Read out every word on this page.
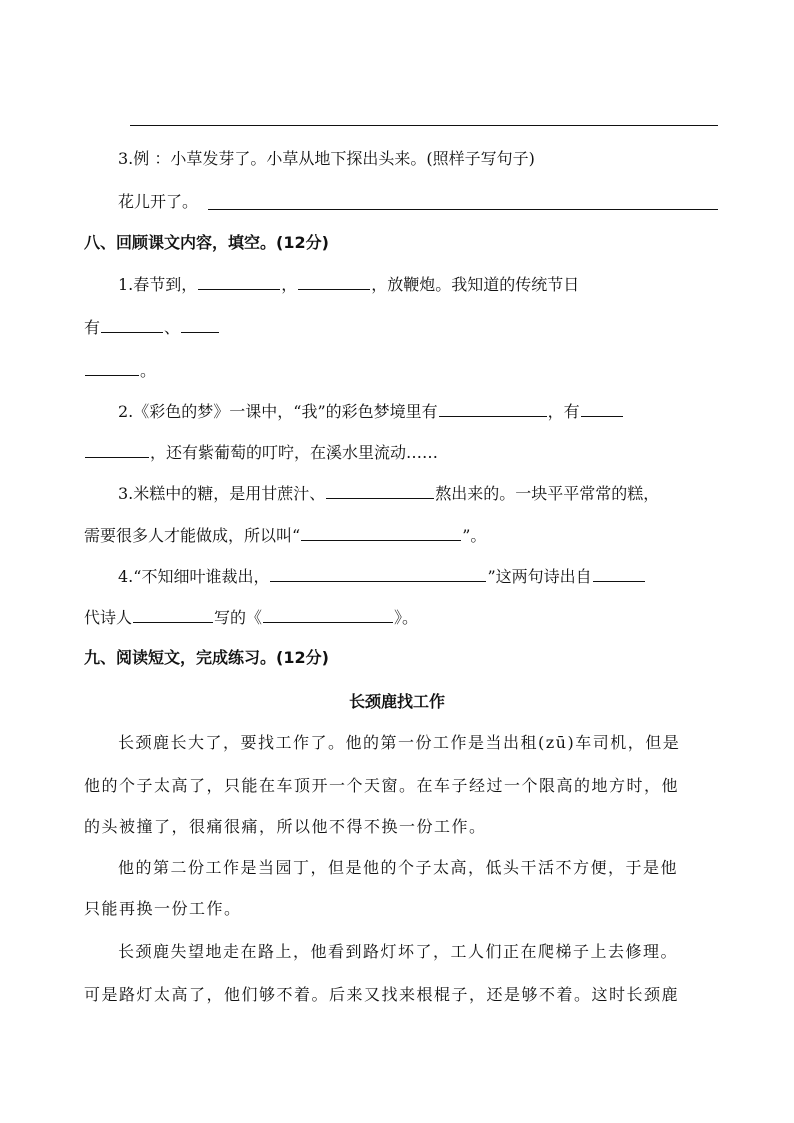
3.例 ：小草发芽了。小草从地下探出头来。(照样子写句子)
花儿开了。
八、回顾课文内容，填空。(12分)
1.春节到，	，	，放鞭炮。我知道的传统节日
有	、
。
2.《彩色的梦》一课中，“我”的彩色梦境里有	，有
，还有紫葡萄的叮咛，在溪水里流动……
3.米糕中的糖，是用甘蔗汁、	熬出来的。一块平平常常的糕，
需要很多人才能做成，所以叫“	”。
4.“不知细叶谁裁出，	”这两句诗出自
代诗人	写的《	》。
九、阅读短文，完成练习。(12分)
长颈鹿找工作
长颈鹿长大了，要找工作了。他的第一份工作是当出租(zū)车司机，但是
他的个子太高了，只能在车顶开一个天窗。在车子经过一个限高的地方时，他
的头被撞了，很痛很痛，所以他不得不换一份工作。
他的第二份工作是当园丁，但是他的个子太高，低头干活不方便，于是他
只能再换一份工作。
长颈鹿失望地走在路上，他看到路灯坏了，工人们正在爬梯子上去修理。
可是路灯太高了，他们够不着。后来又找来根棍子，还是够不着。这时长颈鹿
